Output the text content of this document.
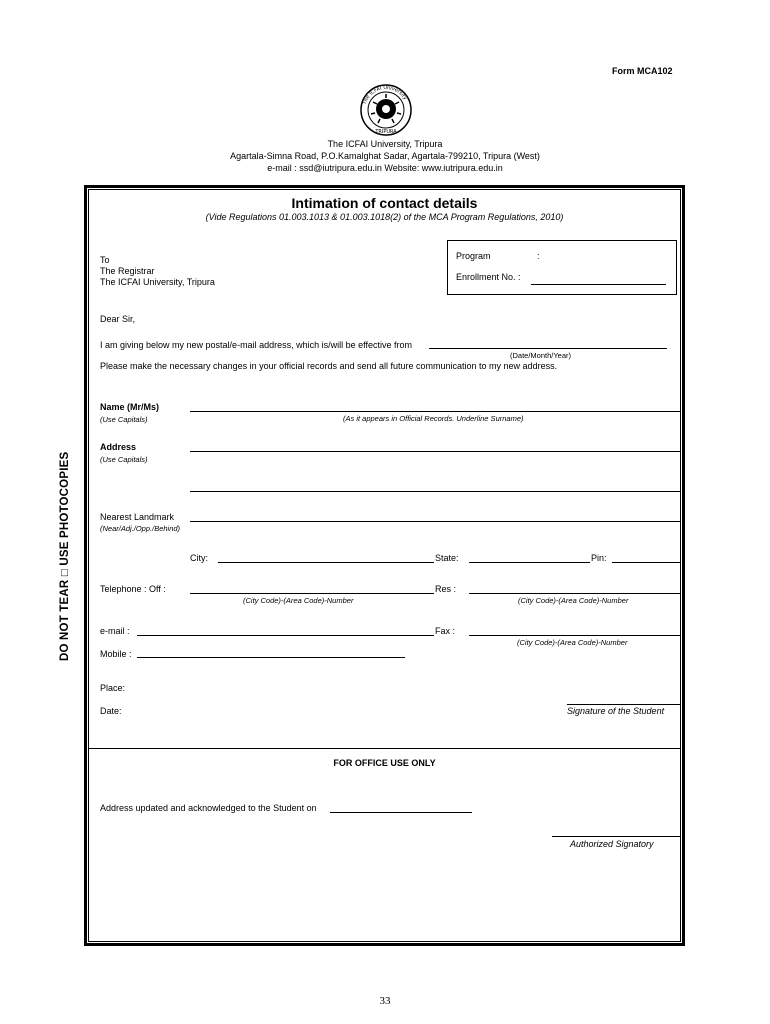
Form MCA102
The ICFAI University
TRIPURA
The ICFAI University, Tripura
Agartala-Simna Road, P.O.Kamalghat Sadar, Agartala-799210, Tripura (West)
e-mail : ssd@iutripura.edu.in Website: www.iutripura.edu.in
DO NOT TEAR □ USE PHOTOCOPIES
Intimation of contact details
(Vide Regulations 01.003.1013 & 01.003.1018(2) of the MCA Program Regulations, 2010)
To
The Registrar
The ICFAI University, Tripura
Program	:
Enrollment No. :
Dear Sir,
I am giving below my new postal/e-mail address, which is/will be effective from
(Date/Month/Year)
Please make the necessary changes in your official records and send all future communication to my new address.
Name (Mr/Ms)
(Use Capitals)	(As it appears in Official Records. Underline Surname)
Address
(Use Capitals)
Nearest Landmark
(Near/Adj./Opp./Behind)
City:	State:	Pin:
Telephone : Off :
(City Code)-(Area Code)-Number
Res :
(City Code)-(Area Code)-Number
e-mail :	Fax :
(City Code)-(Area Code)-Number
Mobile :
Place:
Date:	Signature of the Student
FOR OFFICE USE ONLY
Address updated and acknowledged to the Student on
Authorized Signatory
33
